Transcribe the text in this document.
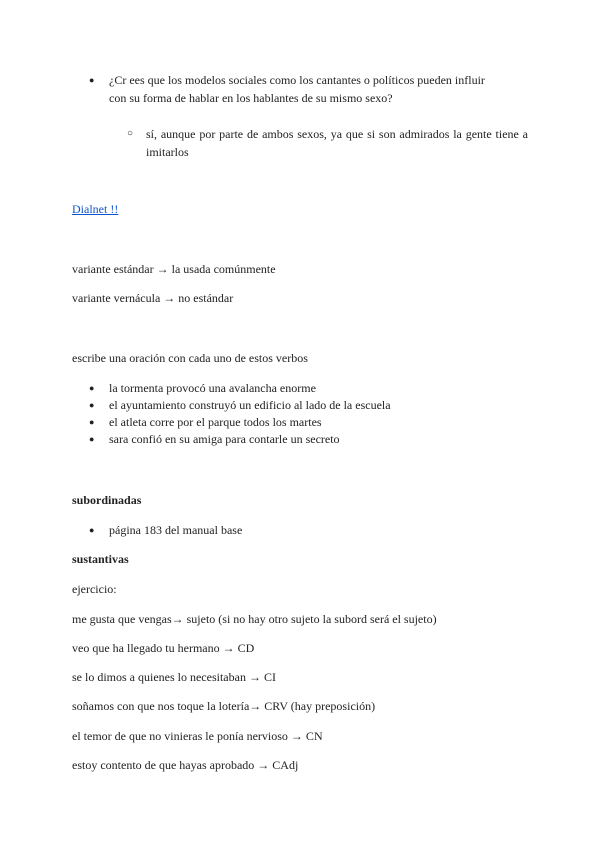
● ¿Cr ees que los modelos sociales como los cantantes o políticos pueden influir
con su forma de hablar en los hablantes de su mismo sexo?
○ sí, aunque por parte de ambos sexos, ya que si son admirados la gente tiene a imitarlos
Dialnet !!
variante estándar → la usada comúnmente
variante vernácula → no estándar
escribe una oración con cada uno de estos verbos
● la tormenta provocó una avalancha enorme
● el ayuntamiento construyó un edificio al lado de la escuela
● el atleta corre por el parque todos los martes
● sara confió en su amiga para contarle un secreto
subordinadas
● página 183 del manual base
sustantivas
ejercicio:
me gusta que vengas→ sujeto (si no hay otro sujeto la subord será el sujeto)
veo que ha llegado tu hermano → CD
se lo dimos a quienes lo necesitaban → CI
soñamos con que nos toque la lotería→ CRV (hay preposición)
el temor de que no vinieras le ponía nervioso → CN
estoy contento de que hayas aprobado → CAdj
